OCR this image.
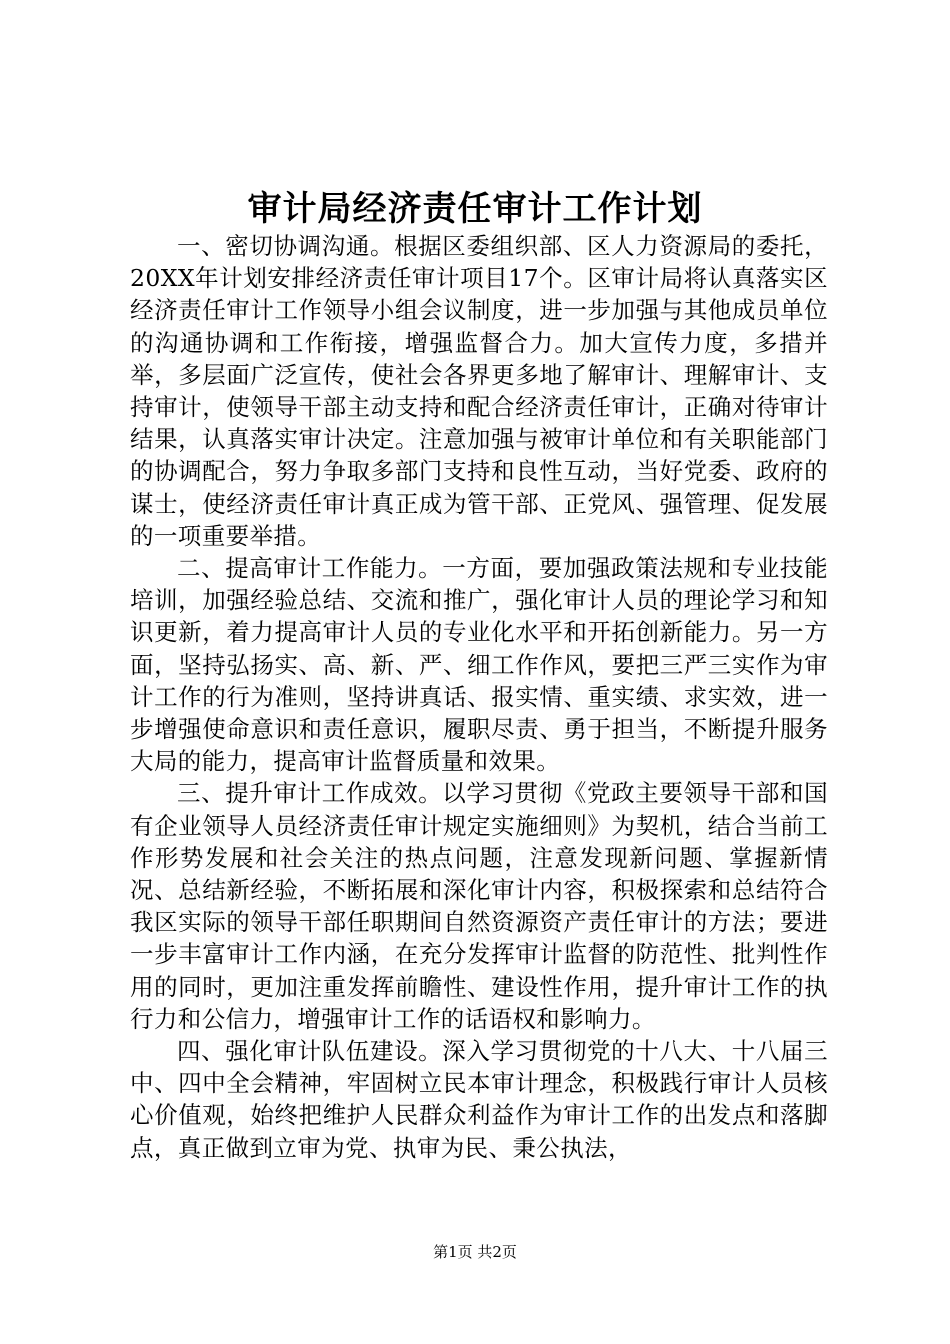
审计局经济责任审计工作计划

一、密切协调沟通。根据区委组织部、区人力资源局的委托，20XX年计划安排经济责任审计项目17个。区审计局将认真落实区经济责任审计工作领导小组会议制度，进一步加强与其他成员单位的沟通协调和工作衔接，增强监督合力。加大宣传力度，多措并举，多层面广泛宣传，使社会各界更多地了解审计、理解审计、支持审计，使领导干部主动支持和配合经济责任审计，正确对待审计结果，认真落实审计决定。注意加强与被审计单位和有关职能部门的协调配合，努力争取多部门支持和良性互动，当好党委、政府的谋士，使经济责任审计真正成为管干部、正党风、强管理、促发展的一项重要举措。

二、提高审计工作能力。一方面，要加强政策法规和专业技能培训，加强经验总结、交流和推广，强化审计人员的理论学习和知识更新，着力提高审计人员的专业化水平和开拓创新能力。另一方面，坚持弘扬实、高、新、严、细工作作风，要把三严三实作为审计工作的行为准则，坚持讲真话、报实情、重实绩、求实效，进一步增强使命意识和责任意识，履职尽责、勇于担当，不断提升服务大局的能力，提高审计监督质量和效果。

三、提升审计工作成效。以学习贯彻《党政主要领导干部和国有企业领导人员经济责任审计规定实施细则》为契机，结合当前工作形势发展和社会关注的热点问题，注意发现新问题、掌握新情况、总结新经验，不断拓展和深化审计内容，积极探索和总结符合我区实际的领导干部任职期间自然资源资产责任审计的方法；要进一步丰富审计工作内涵，在充分发挥审计监督的防范性、批判性作用的同时，更加注重发挥前瞻性、建设性作用，提升审计工作的执行力和公信力，增强审计工作的话语权和影响力。

四、强化审计队伍建设。深入学习贯彻党的十八大、十八届三中、四中全会精神，牢固树立民本审计理念，积极践行审计人员核心价值观，始终把维护人民群众利益作为审计工作的出发点和落脚点，真正做到立审为党、执审为民、秉公执法，

第1页 共2页
